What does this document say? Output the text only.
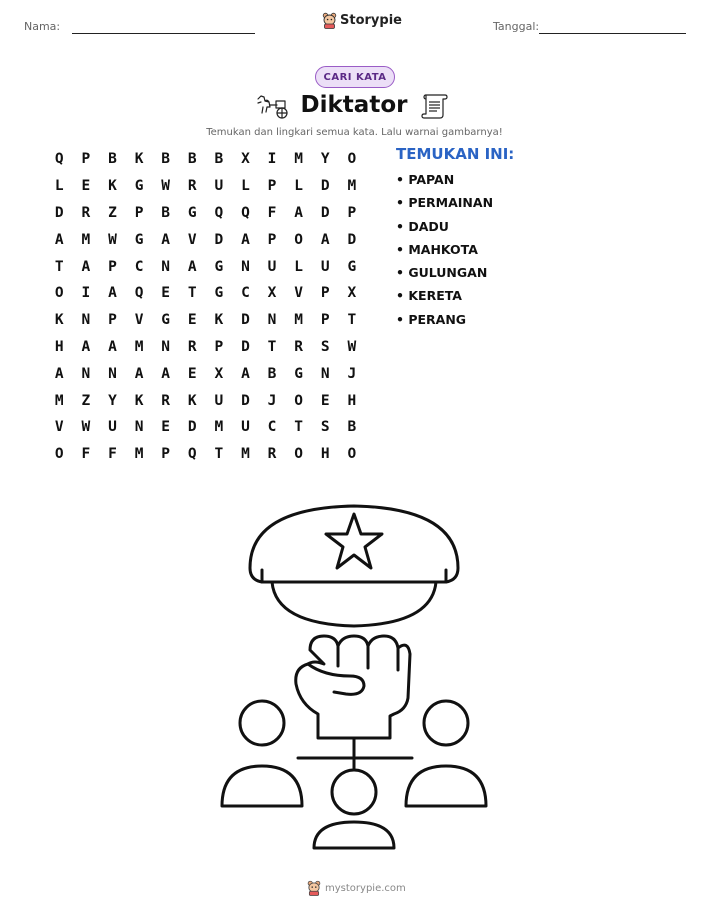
Nama:	Storypie	Tanggal:
CARI KATA
Diktator
Temukan dan lingkari semua kata. Lalu warnai gambarnya!
Q	P	B	K	B	B	B	X	I	M	Y	O
L	E	K	G	W	R	U	L	P	L	D	M
D	R	Z	P	B	G	Q	Q	F	A	D	P
A	M	W	G	A	V	D	A	P	O	A	D
T	A	P	C	N	A	G	N	U	L	U	G
O	I	A	Q	E	T	G	C	X	V	P	X
K	N	P	V	G	E	K	D	N	M	P	T
H	A	A	M	N	R	P	D	T	R	S	W
A	N	N	A	A	E	X	A	B	G	N	J
M	Z	Y	K	R	K	U	D	J	O	E	H
V	W	U	N	E	D	M	U	C	T	S	B
O	F	F	M	P	Q	T	M	R	O	H	O
TEMUKAN INI:
• PAPAN
• PERMAINAN
• DADU
• MAHKOTA
• GULUNGAN
• KERETA
• PERANG
mystorypie.com
